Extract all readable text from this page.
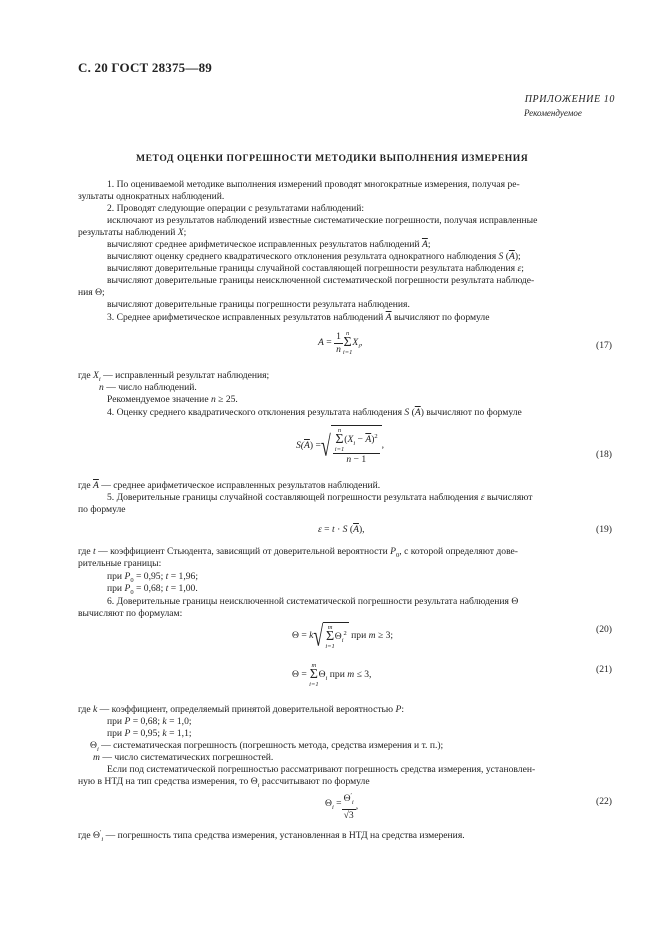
С. 20 ГОСТ 28375—89
ПРИЛОЖЕНИЕ 10
Рекомендуемое
МЕТОД ОЦЕНКИ ПОГРЕШНОСТИ МЕТОДИКИ ВЫПОЛНЕНИЯ ИЗМЕРЕНИЯ
1. По оцениваемой методике выполнения измерений проводят многократные измерения, получая ре-
зультаты однократных наблюдений.
2. Проводят следующие операции с результатами наблюдений:
исключают из результатов наблюдений известные систематические погрешности, получая исправленные
результаты наблюдений X;
вычисляют среднее арифметическое исправленных результатов наблюдений $\overline{A}$;
вычисляют оценку среднего квадратического отклонения результата однократного наблюдения S $(\overline{A})$;
вычисляют доверительные границы случайной составляющей погрешности результата наблюдения ε;
вычисляют доверительные границы неисключенной систематической погрешности результата наблюде-
ния Θ;
вычисляют доверительные границы погрешности результата наблюдения.
3. Среднее арифметическое исправленных результатов наблюдений $\overline{A}$ вычисляют по формуле
$A = \frac{1}{n}$ n
Σ
i=1
$X_i$,	(17)
где $X_i$ — исправленный результат наблюдения;
n — число наблюдений.
Рекомендуемое значение n ≥ 25.
4. Оценку среднего квадратического отклонения результата наблюдения S $(\overline{A})$ вычисляют по формуле
$S(\overline{A})$ =√ n
Σ
i=1
$(X_i - \overline{A})^2$
n − 1 ,
(18)
где $\overline{A}$ — среднее арифметическое исправленных результатов наблюдений.
5. Доверительные границы случайной составляющей погрешности результата наблюдения ε вычисляют
по формуле
ε = t · S $(\overline{A})$,	(19)
где t — коэффициент Стьюдента, зависящий от доверительной вероятности $P_0$, с которой определяют дове-
рительные границы:
при $P_0 = 0,95$; t = 1,96;
при $P_0 = 0,68$; t = 1,00.
6. Доверительные границы неисключенной систематической погрешности результата наблюдения Θ
вычисляют по формулам:
Θ = k√ m
Σ
i=1
$\Theta_i^2$ при m ≥ 3;
(20)
Θ =
m
Σ
i=1
$\Theta_i$ при m ≤ 3,	(21)
где k — коэффициент, определяемый принятой доверительной вероятностью P:
при P = 0,68; k = 1,0;
при P = 0,95; k = 1,1;
$\Theta_i$ — систематическая погрешность (погрешность метода, средства измерения и т. п.);
m — число систематических погрешностей.
Если под систематической погрешностью рассматривают погрешность средства измерения, установлен-
ную в НТД на тип средства измерения, то $\Theta_i$ рассчитывают по формуле
$\Theta_i = \frac{\Theta'_i}{√3}$ ,	(22)
где $\Theta'_i$ — погрешность типа средства измерения, установленная в НТД на средства измерения.
